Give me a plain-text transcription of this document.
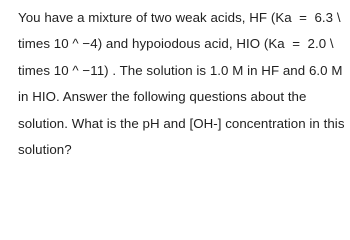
You have a mixture of two weak acids, HF (Ka  =  6.3 \
times 10 ^ −4) and hypoiodous acid, HIO (Ka  =  2.0 \
times 10 ^ −11) . The solution is 1.0 M in HF and 6.0 M
in HIO. Answer the following questions about the
solution. What is the pH and [OH-] concentration in this
solution?
